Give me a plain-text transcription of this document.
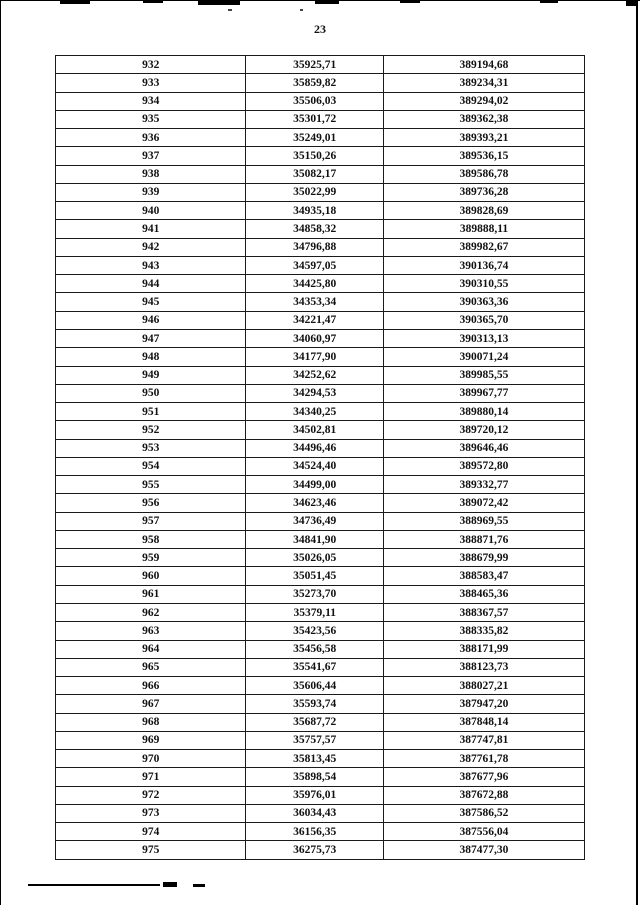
23
932	35925,71	389194,68
933	35859,82	389234,31
934	35506,03	389294,02
935	35301,72	389362,38
936	35249,01	389393,21
937	35150,26	389536,15
938	35082,17	389586,78
939	35022,99	389736,28
940	34935,18	389828,69
941	34858,32	389888,11
942	34796,88	389982,67
943	34597,05	390136,74
944	34425,80	390310,55
945	34353,34	390363,36
946	34221,47	390365,70
947	34060,97	390313,13
948	34177,90	390071,24
949	34252,62	389985,55
950	34294,53	389967,77
951	34340,25	389880,14
952	34502,81	389720,12
953	34496,46	389646,46
954	34524,40	389572,80
955	34499,00	389332,77
956	34623,46	389072,42
957	34736,49	388969,55
958	34841,90	388871,76
959	35026,05	388679,99
960	35051,45	388583,47
961	35273,70	388465,36
962	35379,11	388367,57
963	35423,56	388335,82
964	35456,58	388171,99
965	35541,67	388123,73
966	35606,44	388027,21
967	35593,74	387947,20
968	35687,72	387848,14
969	35757,57	387747,81
970	35813,45	387761,78
971	35898,54	387677,96
972	35976,01	387672,88
973	36034,43	387586,52
974	36156,35	387556,04
975	36275,73	387477,30
